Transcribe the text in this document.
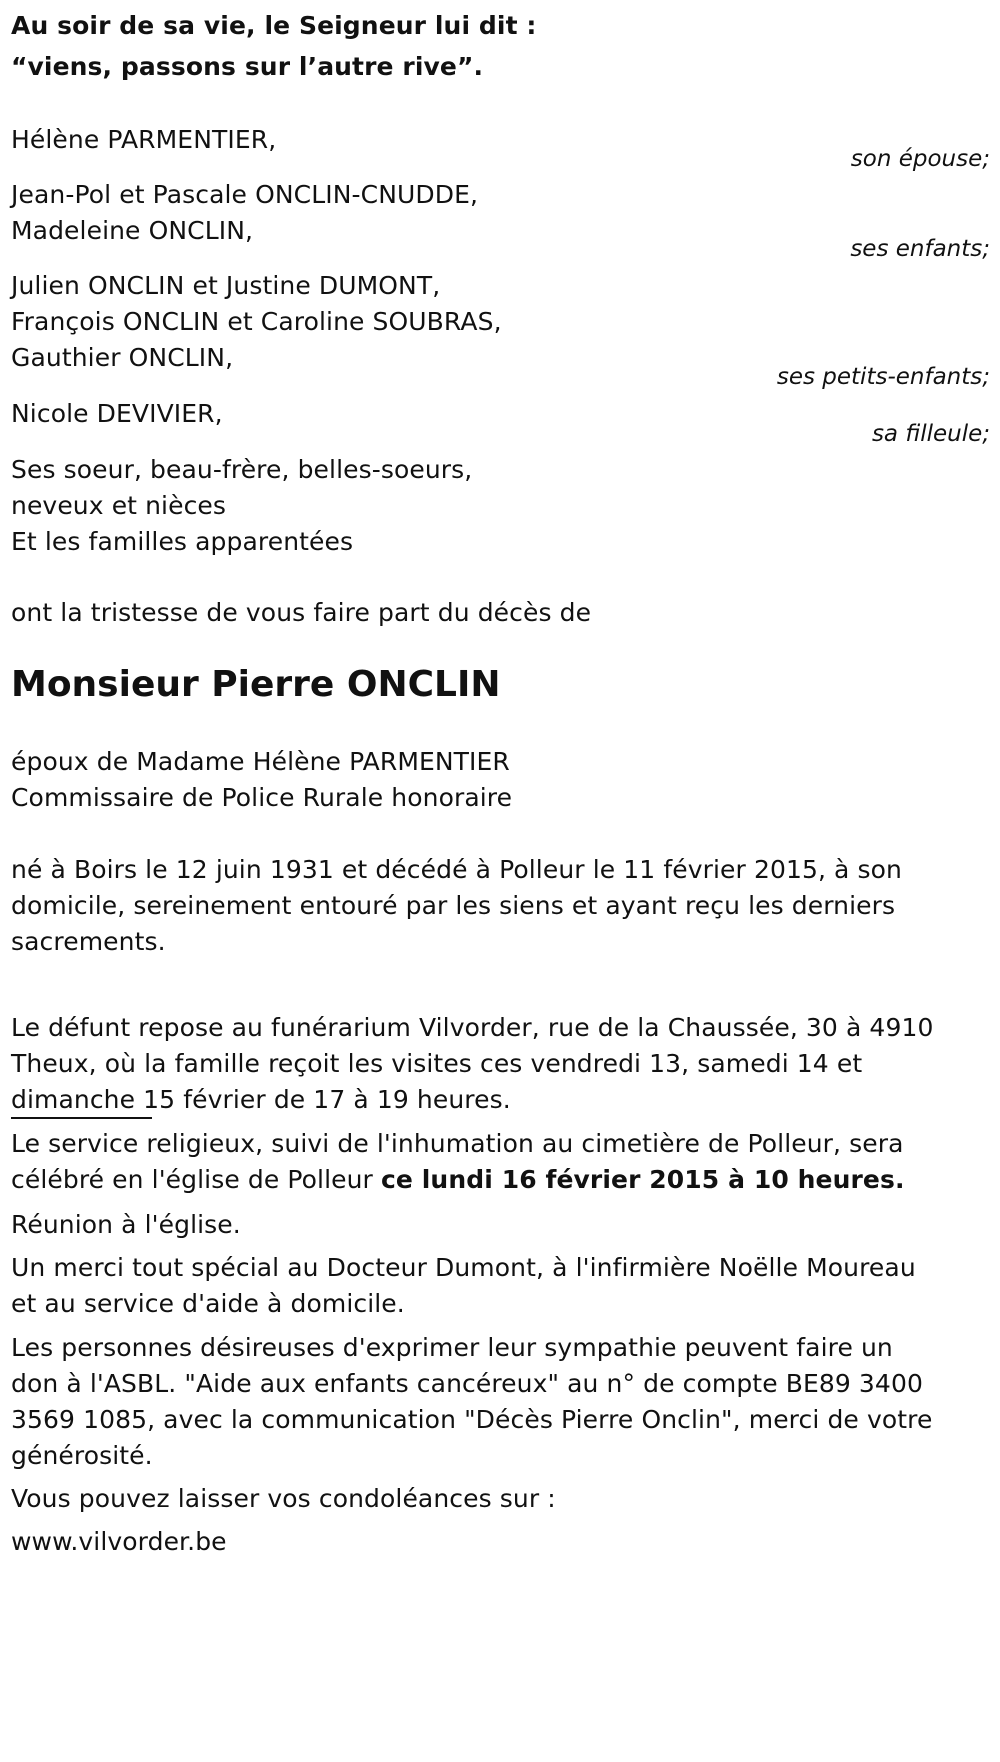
Au soir de sa vie, le Seigneur lui dit :
“viens, passons sur l’autre rive”.
Hélène PARMENTIER,
son épouse;
Jean-Pol et Pascale ONCLIN-CNUDDE,
Madeleine ONCLIN,
ses enfants;
Julien ONCLIN et Justine DUMONT,
François ONCLIN et Caroline SOUBRAS,
Gauthier ONCLIN,
ses petits-enfants;
Nicole DEVIVIER,
sa filleule;
Ses soeur, beau-frère, belles-soeurs,
neveux et nièces
Et les familles apparentées
ont la tristesse de vous faire part du décès de
Monsieur Pierre ONCLIN
époux de Madame Hélène PARMENTIER
Commissaire de Police Rurale honoraire
né à Boirs le 12 juin 1931 et décédé à Polleur le 11 février 2015, à son
domicile, sereinement entouré par les siens et ayant reçu les derniers
sacrements.
Le défunt repose au funérarium Vilvorder, rue de la Chaussée, 30 à 4910
Theux, où la famille reçoit les visites ces vendredi 13, samedi 14 et
dimanche 15 février de 17 à 19 heures.
Le service religieux, suivi de l'inhumation au cimetière de Polleur, sera
célébré en l'église de Polleur ce lundi 16 février 2015 à 10 heures.
Réunion à l'église.
Un merci tout spécial au Docteur Dumont, à l'infirmière Noëlle Moureau
et au service d'aide à domicile.
Les personnes désireuses d'exprimer leur sympathie peuvent faire un
don à l'ASBL. "Aide aux enfants cancéreux" au n° de compte BE89 3400
3569 1085, avec la communication "Décès Pierre Onclin", merci de votre
générosité.
Vous pouvez laisser vos condoléances sur :
www.vilvorder.be
